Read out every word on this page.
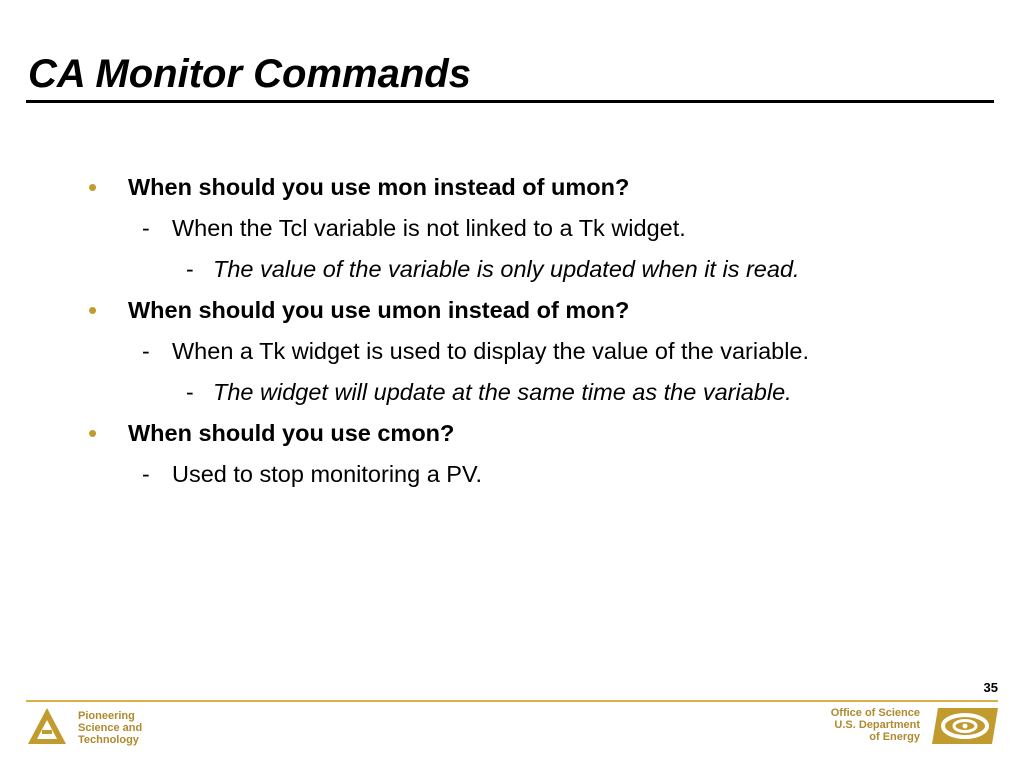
CA Monitor Commands
• When should you use mon instead of umon?
- When the Tcl variable is not linked to a Tk widget.
- The value of the variable is only updated when it is read.
• When should you use umon instead of mon?
- When a Tk widget is used to display the value of the variable.
- The widget will update at the same time as the variable.
• When should you use cmon?
- Used to stop monitoring a PV.
35
Pioneering
Science and
Technology
Office of Science
U.S. Department
of Energy
